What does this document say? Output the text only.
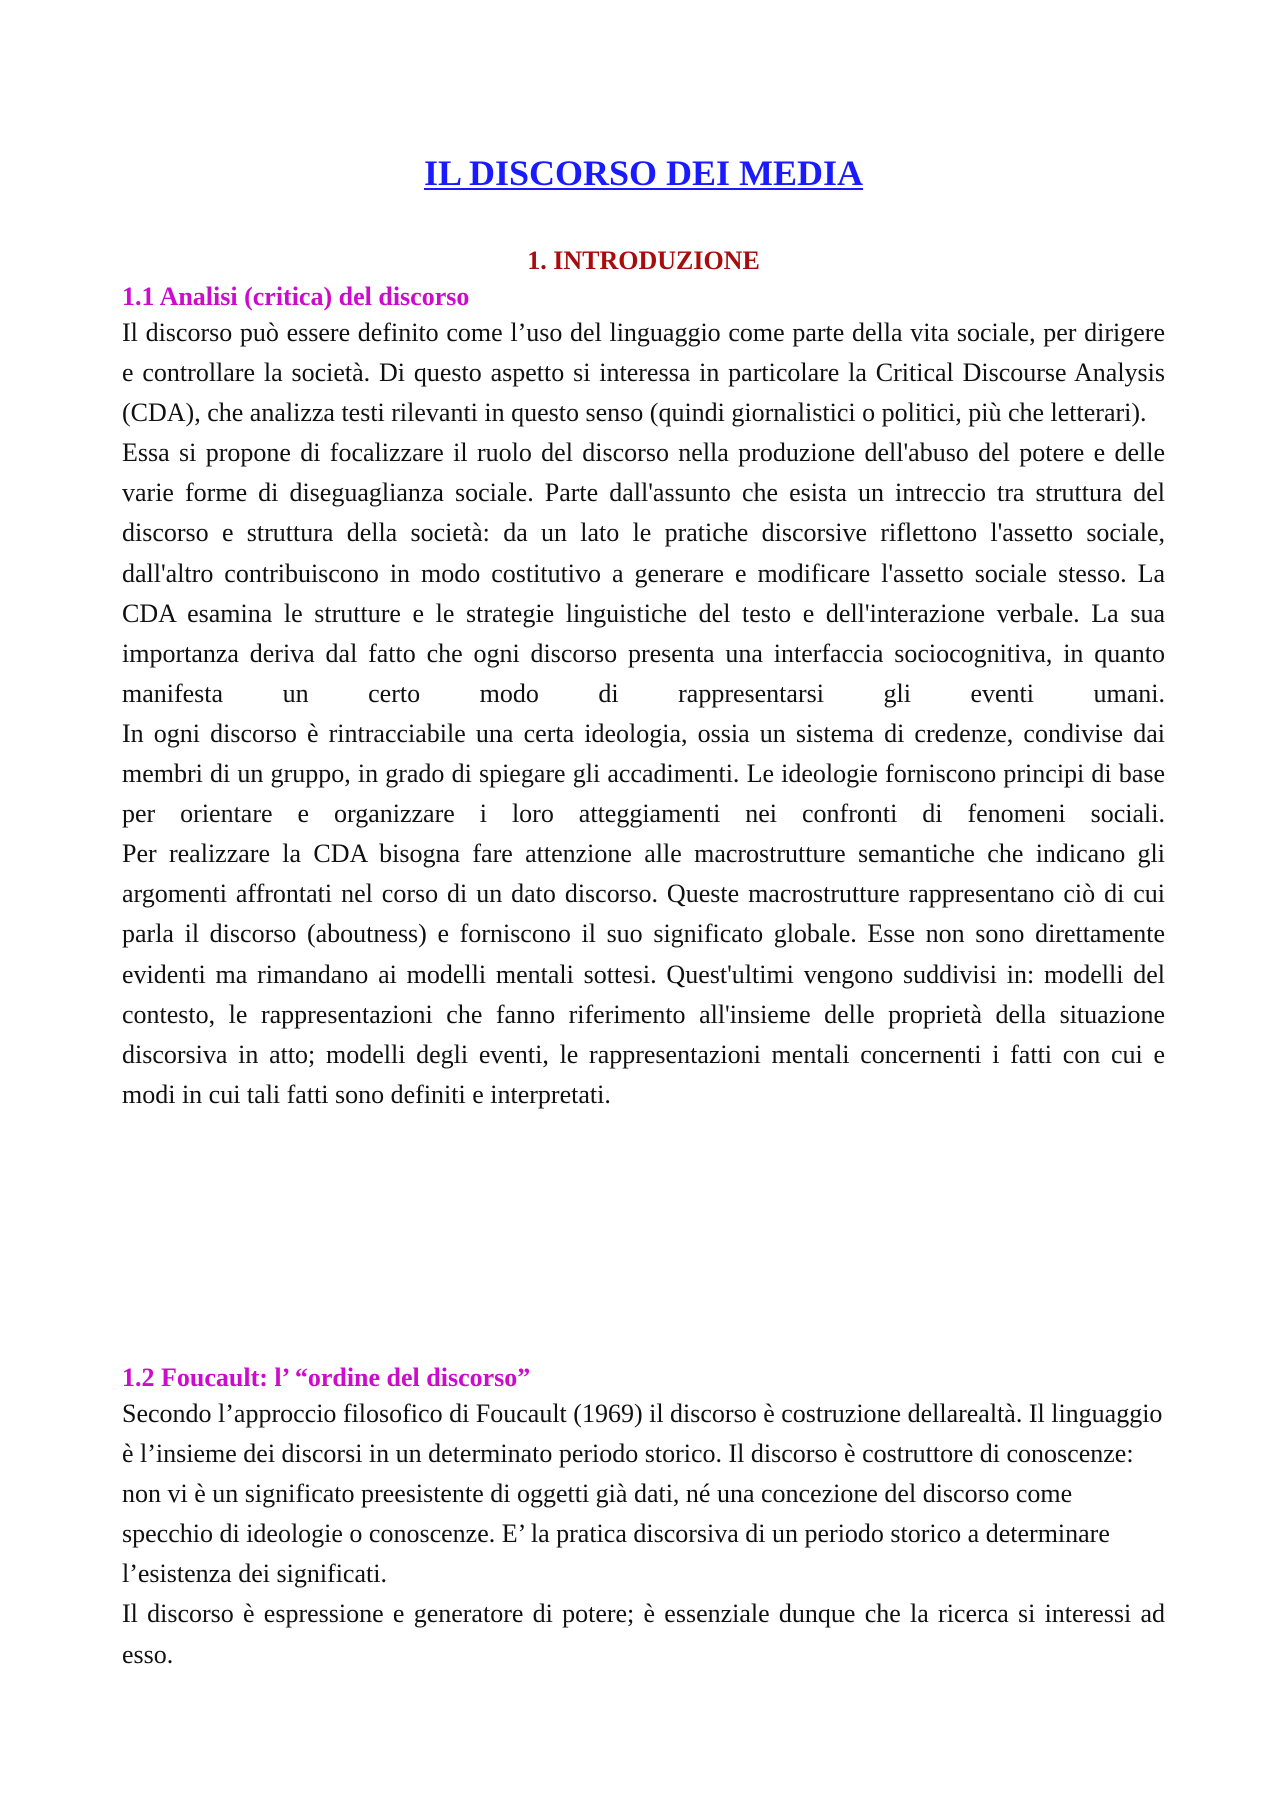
IL DISCORSO DEI MEDIA
1. INTRODUZIONE
1.1 Analisi (critica) del discorso

Il discorso può essere definito come l’uso del linguaggio come parte della vita sociale, per dirigere e controllare la società. Di questo aspetto si interessa in particolare la Critical Discourse Analysis (CDA), che analizza testi rilevanti in questo senso (quindi giornalistici o politici, più che letterari).

Essa si propone di focalizzare il ruolo del discorso nella produzione dell'abuso del potere e delle varie forme di diseguaglianza sociale. Parte dall'assunto che esista un intreccio tra struttura del discorso e struttura della società: da un lato le pratiche discorsive riflettono l'assetto sociale, dall'altro contribuiscono in modo costitutivo a generare e modificare l'assetto sociale stesso. La CDA esamina le strutture e le strategie linguistiche del testo e dell'interazione verbale. La sua importanza deriva dal fatto che ogni discorso presenta una interfaccia sociocognitiva, in quanto manifesta un certo modo di rappresentarsi gli eventi umani.

In ogni discorso è rintracciabile una certa ideologia, ossia un sistema di credenze, condivise dai membri di un gruppo, in grado di spiegare gli accadimenti. Le ideologie forniscono principi di base per orientare e organizzare i loro atteggiamenti nei confronti di fenomeni sociali.

Per realizzare la CDA bisogna fare attenzione alle macrostrutture semantiche che indicano gli argomenti affrontati nel corso di un dato discorso. Queste macrostrutture rappresentano ciò di cui parla il discorso (aboutness) e forniscono il suo significato globale. Esse non sono direttamente evidenti ma rimandano ai modelli mentali sottesi. Quest'ultimi vengono suddivisi in: modelli del contesto, le rappresentazioni che fanno riferimento all'insieme delle proprietà della situazione discorsiva in atto; modelli degli eventi, le rappresentazioni mentali concernenti i fatti con cui e modi in cui tali fatti sono definiti e interpretati.

1.2 Foucault: l’ “ordine del discorso”

Secondo l’approccio filosofico di Foucault (1969) il discorso è costruzione dellarealtà. Il linguaggio è l’insieme dei discorsi in un determinato periodo storico. Il discorso è costruttore di conoscenze: non vi è un significato preesistente di oggetti già dati, né una concezione del discorso come specchio di ideologie o conoscenze. E’ la pratica discorsiva di un periodo storico a determinare l’esistenza dei significati.

Il discorso è espressione e generatore di potere; è essenziale dunque che la ricerca si interessi ad esso.
